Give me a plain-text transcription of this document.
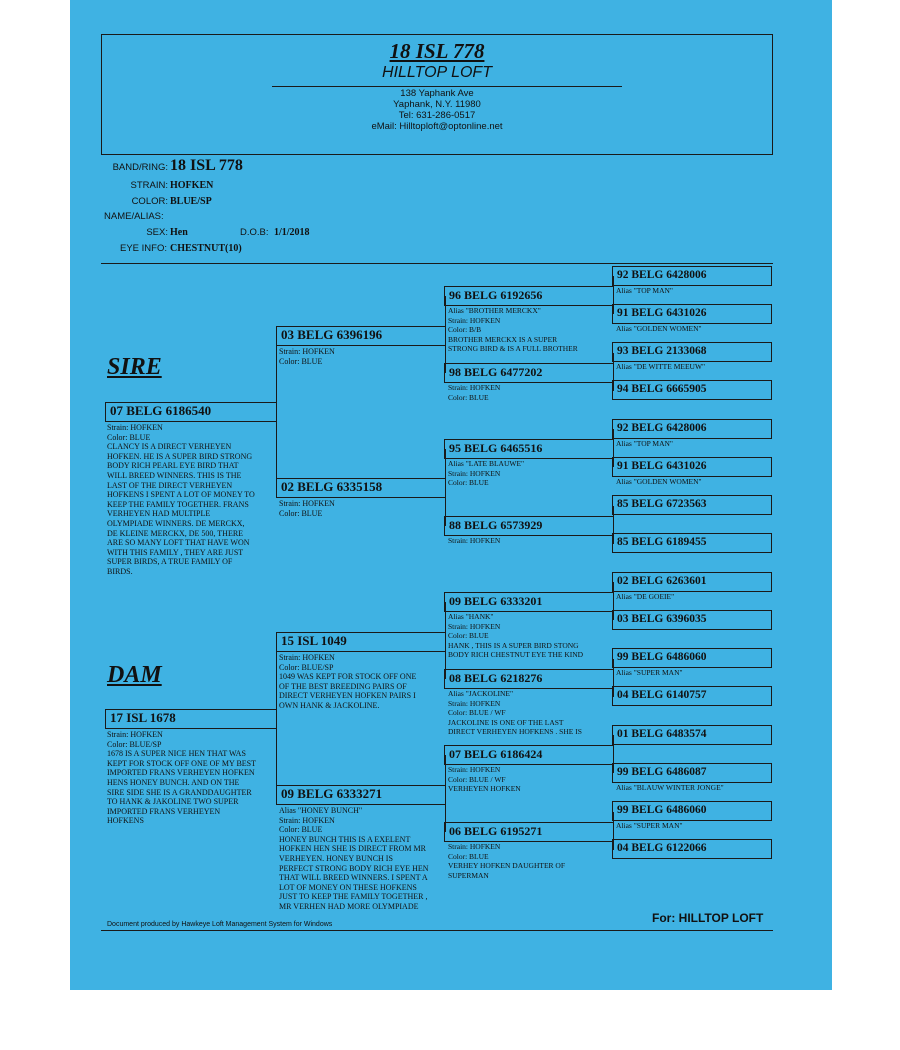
18 ISL 778
HILLTOP LOFT
138 Yaphank Ave
Yaphank, N.Y. 11980
Tel: 631-286-0517
eMail: Hilltoploft@optonline.net
BAND/RING: 18 ISL 778
STRAIN: HOFKEN
COLOR: BLUE/SP
NAME/ALIAS:
SEX: Hen	D.O.B: 1/1/2018
EYE INFO: CHESTNUT(10)
SIRE
DAM
07 BELG 6186540
Strain: HOFKEN
Color: BLUE
CLANCY IS A DIRECT VERHEYEN
HOFKEN. HE IS A SUPER BIRD STRONG
BODY RICH PEARL EYE BIRD THAT
WILL BREED WINNERS. THIS IS THE
LAST OF THE DIRECT VERHEYEN
HOFKENS I SPENT A LOT OF MONEY TO
KEEP THE FAMILY TOGETHER. FRANS
VERHEYEN HAD MULTIPLE
OLYMPIADE WINNERS. DE MERCKX,
DE KLEINE MERCKX, DE 500, THERE
ARE SO MANY LOFT THAT HAVE WON
WITH THIS FAMILY , THEY ARE JUST
SUPER BIRDS, A TRUE FAMILY OF
BIRDS.
17 ISL 1678
Strain: HOFKEN
Color: BLUE/SP
1678 IS A SUPER NICE HEN THAT WAS
KEPT FOR STOCK OFF ONE OF MY BEST
IMPORTED FRANS VERHEYEN HOFKEN
HENS HONEY BUNCH. AND ON THE
SIRE SIDE SHE IS A GRANDDAUGHTER
TO HANK & JAKOLINE TWO SUPER
IMPORTED FRANS VERHEYEN
HOFKENS
03 BELG 6396196
Strain: HOFKEN
Color: BLUE
02 BELG 6335158
Strain: HOFKEN
Color: BLUE
15 ISL 1049
Strain: HOFKEN
Color: BLUE/SP
1049 WAS KEPT FOR STOCK OFF ONE
OF THE BEST BREEDING PAIRS OF
DIRECT VERHEYEN HOFKEN PAIRS I
OWN HANK & JACKOLINE.
09 BELG 6333271
Alias "HONEY BUNCH"
Strain: HOFKEN
Color: BLUE
HONEY BUNCH THIS IS A EXELENT
HOFKEN HEN SHE IS DIRECT FROM MR
VERHEYEN. HONEY BUNCH IS
PERFECT STRONG BODY RICH EYE HEN
THAT WILL BREED WINNERS. I SPENT A
LOT OF MONEY ON THESE HOFKENS
JUST TO KEEP THE FAMILY TOGETHER ,
MR VERHEN HAD MORE OLYMPIADE
96 BELG 6192656
Alias "BROTHER MERCKX"
Strain: HOFKEN
Color: B/B
BROTHER MERCKX IS A SUPER
STRONG BIRD & IS A FULL BROTHER
98 BELG 6477202
Strain: HOFKEN
Color: BLUE
95 BELG 6465516
Alias "LATE BLAUWE"
Strain: HOFKEN
Color: BLUE
88 BELG 6573929
Strain: HOFKEN
09 BELG 6333201
Alias "HANK"
Strain: HOFKEN
Color: BLUE
HANK , THIS IS A SUPER BIRD STONG
BODY RICH CHESTNUT EYE THE KIND
08 BELG 6218276
Alias "JACKOLINE"
Strain: HOFKEN
Color: BLUE / WF
JACKOLINE IS ONE OF THE LAST
DIRECT VERHEYEN HOFKENS . SHE IS
07 BELG 6186424
Strain: HOFKEN
Color: BLUE / WF
VERHEYEN HOFKEN
06 BELG 6195271
Strain: HOFKEN
Color: BLUE
VERHEY HOFKEN DAUGHTER OF
SUPERMAN
92 BELG 6428006
Alias "TOP MAN"
91 BELG 6431026
Alias "GOLDEN WOMEN"
93 BELG 2133068
Alias "DE WITTE MEEUW"
94 BELG 6665905
92 BELG 6428006
Alias "TOP MAN"
91 BELG 6431026
Alias "GOLDEN WOMEN"
85 BELG 6723563
85 BELG 6189455
02 BELG 6263601
Alias "DE GOEIE"
03 BELG 6396035
99 BELG 6486060
Alias "SUPER MAN"
04 BELG 6140757
01 BELG 6483574
99 BELG 6486087
Alias "BLAUW WINTER JONGE"
99 BELG 6486060
Alias "SUPER MAN"
04 BELG 6122066
Document produced by Hawkeye Loft Management System for Windows	For: HILLTOP LOFT
